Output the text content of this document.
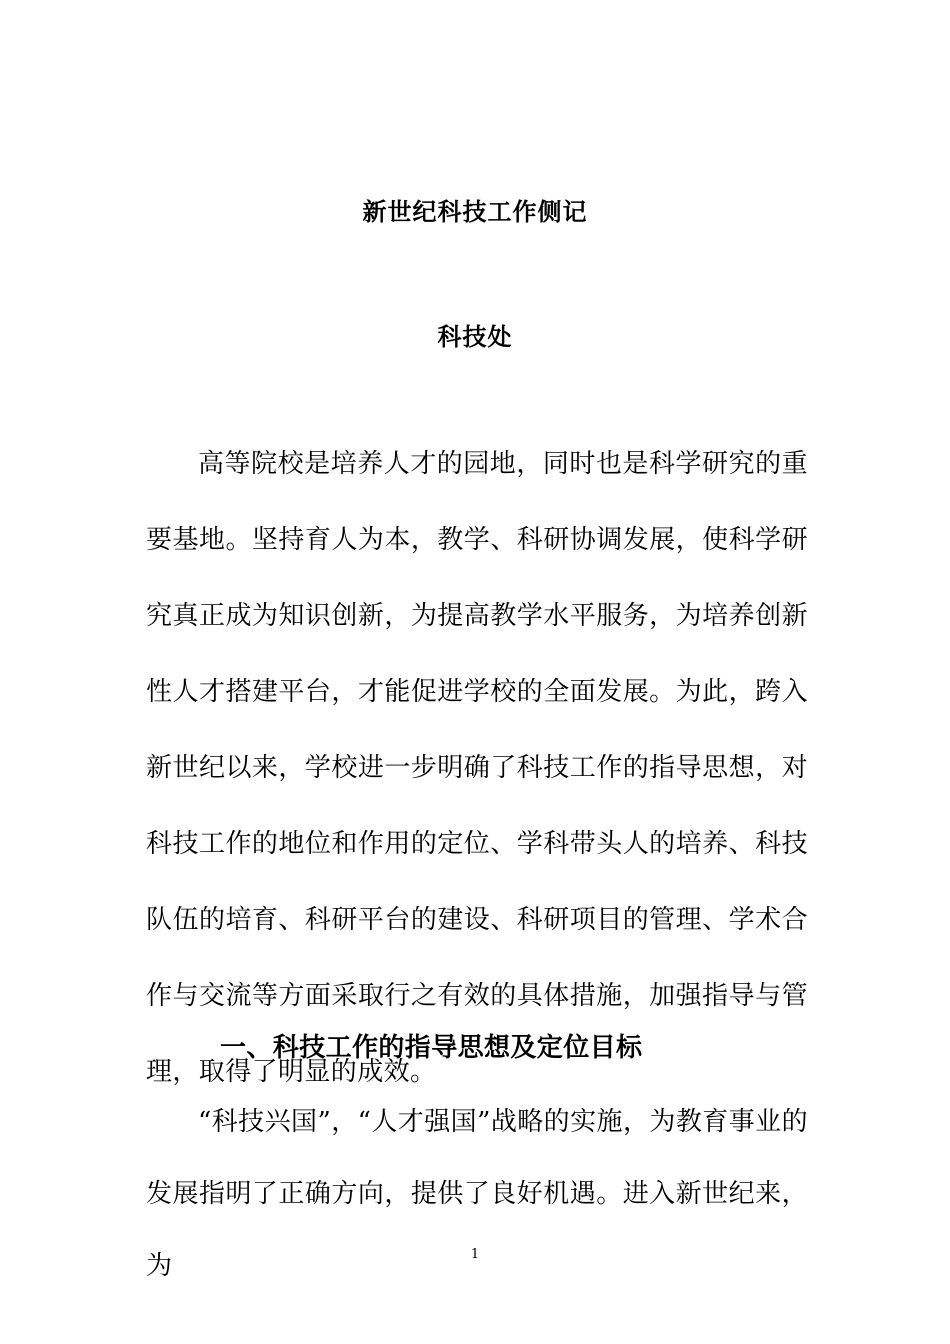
新世纪科技工作侧记
科技处

高等院校是培养人才的园地，同时也是科学研究的重要基地。坚持育人为本，教学、科研协调发展，使科学研究真正成为知识创新，为提高教学水平服务，为培养创新性人才搭建平台，才能促进学校的全面发展。为此，跨入新世纪以来，学校进一步明确了科技工作的指导思想，对科技工作的地位和作用的定位、学科带头人的培养、科技队伍的培育、科研平台的建设、科研项目的管理、学术合作与交流等方面采取行之有效的具体措施，加强指导与管理，取得了明显的成效。

一、科技工作的指导思想及定位目标

“科技兴国”，“人才强国”战略的实施，为教育事业的发展指明了正确方向，提供了良好机遇。进入新世纪来，为	1
